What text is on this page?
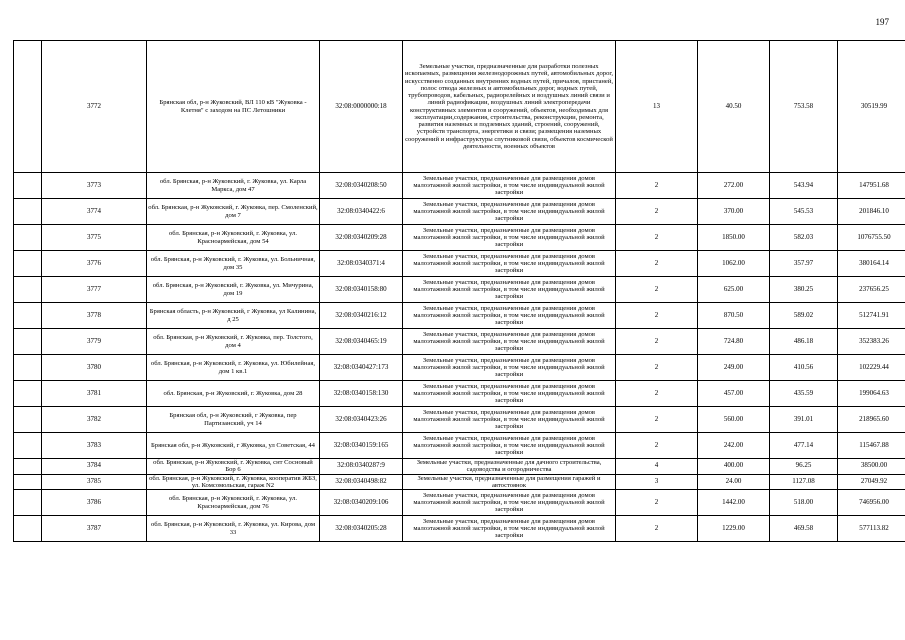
197
	3772	Брянская обл, р-н Жуковский, ВЛ 110 кВ "Жуковка - Клетня" с заходом на ПС Летошники	32:08:0000000:18	Земельные участки, предназначенные для разработки полезных ископаемых, размещения железнодорожных путей, автомобильных дорог, искусственно созданных внутренних водных путей, причалов, пристаней, полос отвода железных и автомобильных дорог, водных путей, трубопроводов, кабельных, радиорелейных и воздушных линий связи и линий радиофикации, воздушных линий электропередачи конструктивных элементов и сооружений, объектов, необходимых для эксплуатации,содержания, строительства, реконструкции, ремонта, развития наземных и подземных зданий, строений, сооружений, устройств транспорта, энергетики и связи; размещения наземных сооружений и инфраструктуры спутниковой связи, объектов космической деятельности, военных объектов	13	40.50	753.58	30519.99
	3773	обл. Брянская, р-н Жуковский, г. Жуковка, ул. Карла Маркса, дом 47	32:08:0340208:50	Земельные участки, предназначенные для размещения домов малоэтажной жилой застройки, в том числе индивидуальной жилой застройки	2	272.00	543.94	147951.68
	3774	обл. Брянская, р-н Жуковский, г. Жуковка, пер. Смоленский, дом 7	32:08:0340422:6	Земельные участки, предназначенные для размещения домов малоэтажной жилой застройки, в том числе индивидуальной жилой застройки	2	370.00	545.53	201846.10
	3775	обл. Брянская, р-н Жуковский, г. Жуковка, ул. Красноармейская, дом 54	32:08:0340209:28	Земельные участки, предназначенные для размещения домов малоэтажной жилой застройки, в том числе индивидуальной жилой застройки	2	1850.00	582.03	1076755.50
	3776	обл. Брянская, р-н Жуковский, г. Жуковка, ул. Больничная, дом 35	32:08:0340371:4	Земельные участки, предназначенные для размещения домов малоэтажной жилой застройки, в том числе индивидуальной жилой застройки	2	1062.00	357.97	380164.14
	3777	обл. Брянская, р-н Жуковский, г. Жуковка, ул. Мичурина, дом 19	32:08:0340158:80	Земельные участки, предназначенные для размещения домов малоэтажной жилой застройки, в том числе индивидуальной жилой застройки	2	625.00	380.25	237656.25
	3778	Брянская область, р-н Жуковский, г Жуковка, ул Калинина, д 25	32:08:0340216:12	Земельные участки, предназначенные для размещения домов малоэтажной жилой застройки, в том числе индивидуальной жилой застройки	2	870.50	589.02	512741.91
	3779	обл. Брянская, р-н Жуковский, г. Жуковка, пер. Толстого, дом 4	32:08:0340465:19	Земельные участки, предназначенные для размещения домов малоэтажной жилой застройки, в том числе индивидуальной жилой застройки	2	724.80	486.18	352383.26
	3780	обл. Брянская, р-н Жуковский, г. Жуковка, ул. Юбилейная, дом 1 кв.1	32:08:0340427:173	Земельные участки, предназначенные для размещения домов малоэтажной жилой застройки, в том числе индивидуальной жилой застройки	2	249.00	410.56	102229.44
	3781	обл. Брянская, р-н Жуковский, г. Жуковка, дом 28	32:08:0340158:130	Земельные участки, предназначенные для размещения домов малоэтажной жилой застройки, в том числе индивидуальной жилой застройки	2	457.00	435.59	199064.63
	3782	Брянская обл, р-н Жуковский, г Жуковка, пер Партизанский, уч 14	32:08:0340423:26	Земельные участки, предназначенные для размещения домов малоэтажной жилой застройки, в том числе индивидуальной жилой застройки	2	560.00	391.01	218965.60
	3783	Брянская обл, р-н Жуковский, г Жуковка, ул Советская, 44	32:08:0340159:165	Земельные участки, предназначенные для размещения домов малоэтажной жилой застройки, в том числе индивидуальной жилой застройки	2	242.00	477.14	115467.88
	3784	обл. Брянская, р-н Жуковский, г. Жуковка, снт Сосновый Бор 6	32:08:0340287:9	Земельные участки, предназначенные для дачного строительства, садоводства и огородничества	4	400.00	96.25	38500.00
	3785	обл. Брянская, р-н Жуковский, г. Жуковка, кооператив ЖБЗ, ул. Комсомольская, гараж N2	32:08:0340498:82	Земельные участки, предназначенные для размещения гаражей и автостоянок	3	24.00	1127.08	27049.92
	3786	обл. Брянская, р-н Жуковский, г. Жуковка, ул. Красноармейская, дом 76	32:08:0340209:106	Земельные участки, предназначенные для размещения домов малоэтажной жилой застройки, в том числе индивидуальной жилой застройки	2	1442.00	518.00	746956.00
	3787	обл. Брянская, р-н Жуковский, г. Жуковка, ул. Кирова, дом 33	32:08:0340205:28	Земельные участки, предназначенные для размещения домов малоэтажной жилой застройки, в том числе индивидуальной жилой застройки	2	1229.00	469.58	577113.82
